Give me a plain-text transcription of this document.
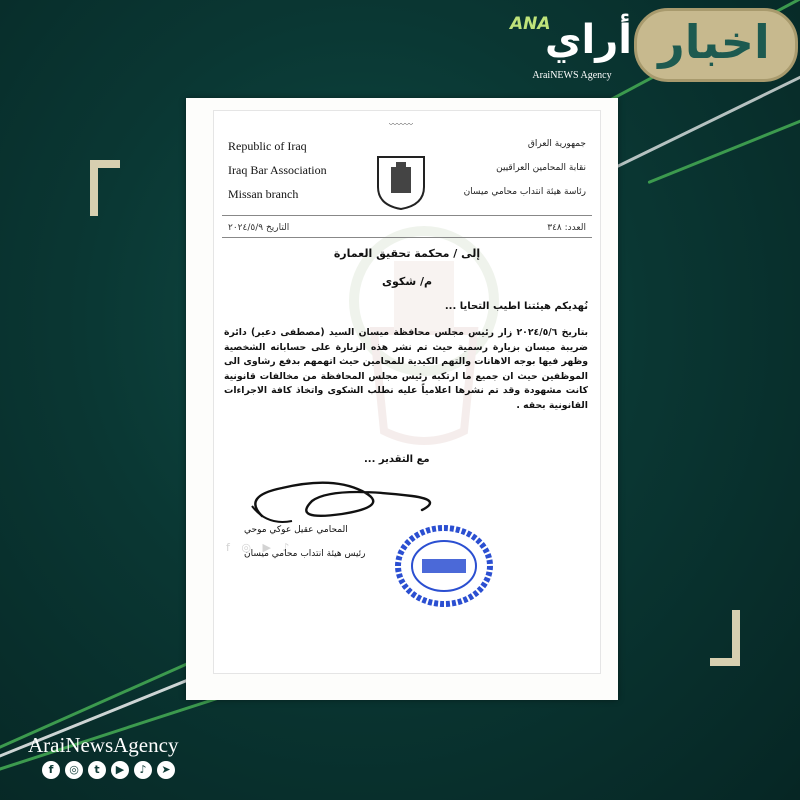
اخبار
أراي
ANA
AraiNEWS Agency
Republic of Iraq
Iraq Bar Association
Missan branch
〰〰〰
جمهورية العراق
نقابة المحامين العراقيين
رئاسة هيئة انتداب محامي ميسان
العدد: ٣٤٨
التاريخ ٢٠٢٤/٥/٩
إلى / محكمة تحقيق العمارة
م/ شكوى
نُهديكم هيئتنا اطيب التحايا ...
بتاريخ ٢٠٢٤/٥/٦ زار رئيس مجلس محافظة ميسان السيد (مصطفى دعير) دائرة ضريبة ميسان بزيارة رسمية حيث تم نشر هذه الزيارة على حساباته الشخصية وظهر فيها بوجه الاهانات والتهم الكيدية للمحامين حيث اتهمهم بدفع رشاوى الى الموظفين حيث ان جميع ما ارتكبه رئيس مجلس المحافظة من مخالفات قانونية كانت مشهودة وقد تم نشرها اعلامياً عليه نطلب الشكوى واتخاذ كافة الاجراءات القانونية بحقه .
مع التقدير ...
f ◎ ▶ ♪
المحامي عقيل عوكي موحي
رئيس هيئة انتداب محامي ميسان
AraiNewsAgency
f	◎	t	▶	♪	➤
